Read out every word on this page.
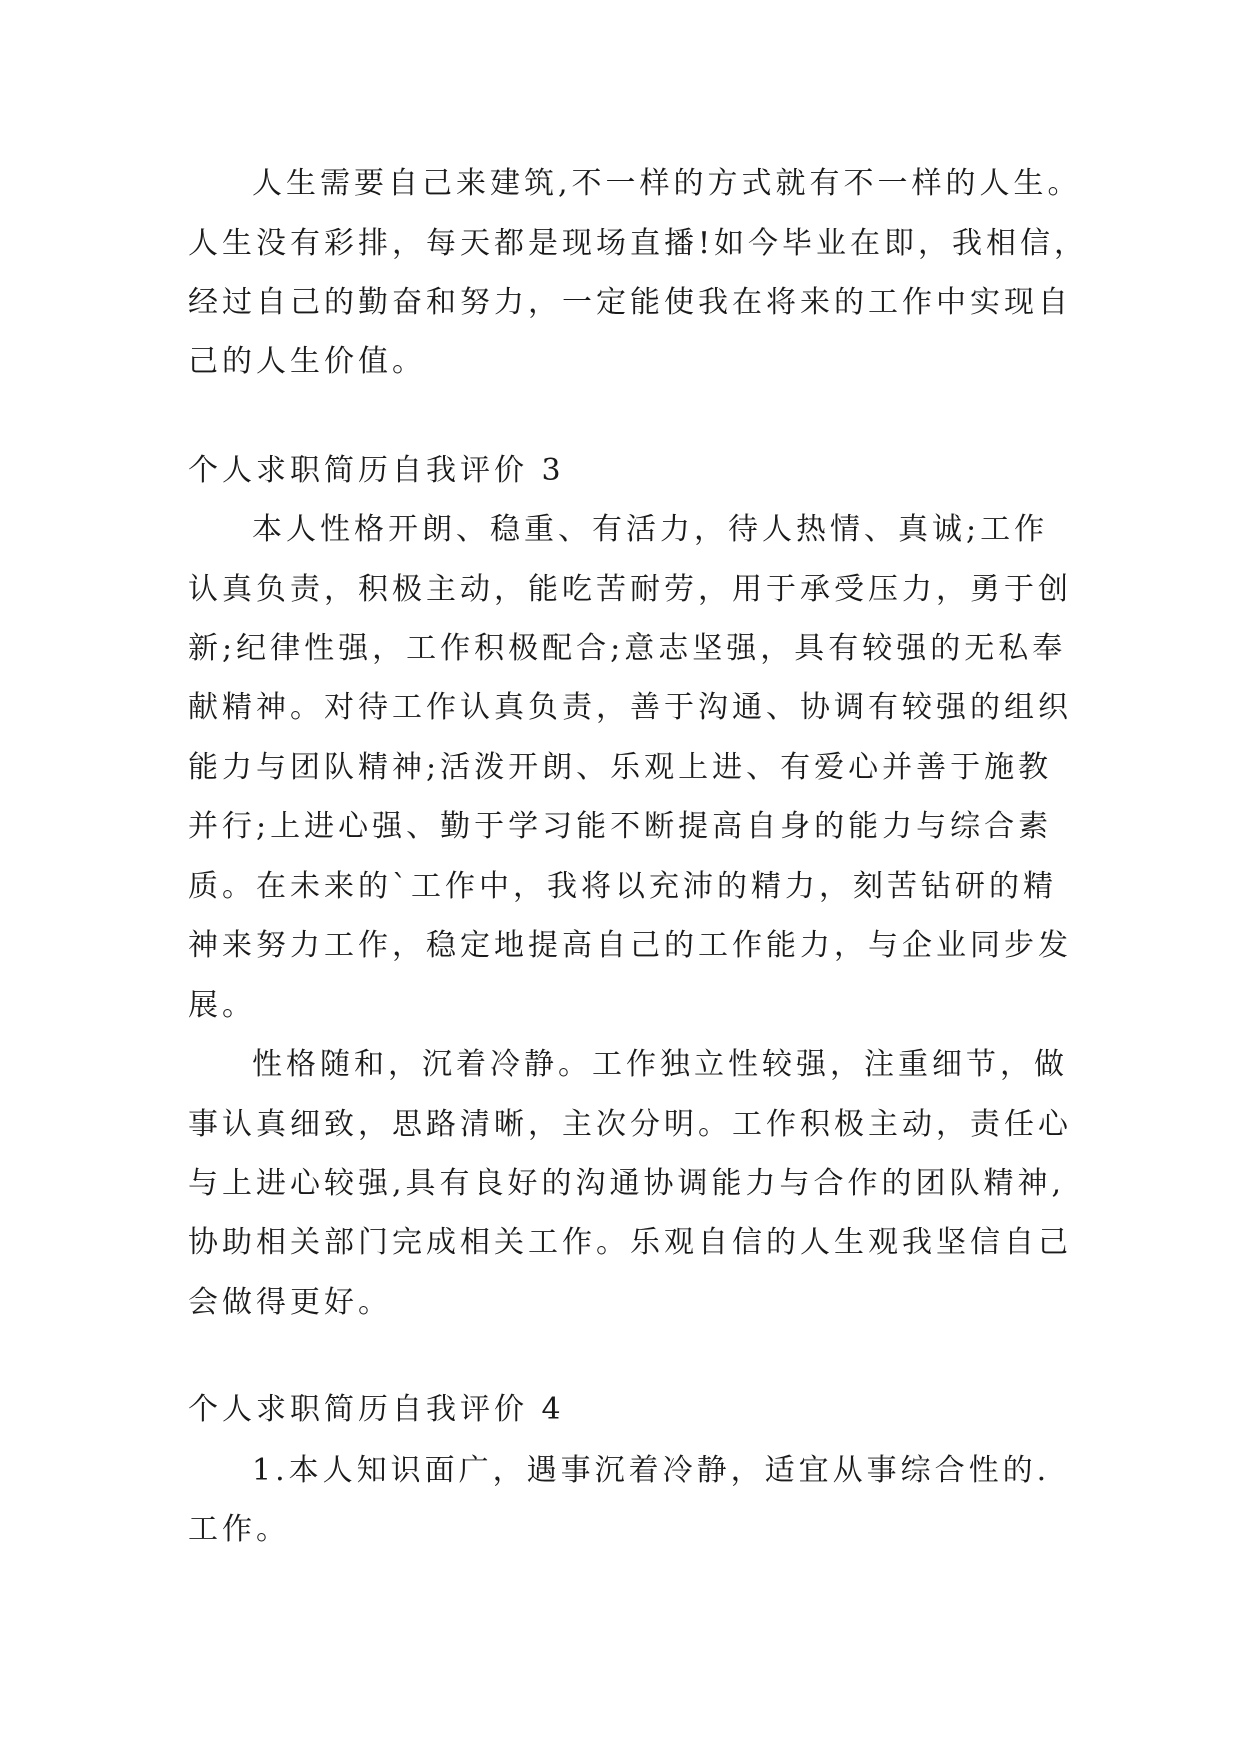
人生需要自己来建筑,不一样的方式就有不一样的人生。
人生没有彩排，每天都是现场直播!如今毕业在即，我相信，
经过自己的勤奋和努力，一定能使我在将来的工作中实现自
己的人生价值。
个人求职简历自我评价 3
本人性格开朗、稳重、有活力，待人热情、真诚;工作
认真负责，积极主动，能吃苦耐劳，用于承受压力，勇于创
新;纪律性强，工作积极配合;意志坚强，具有较强的无私奉
献精神。对待工作认真负责，善于沟通、协调有较强的组织
能力与团队精神;活泼开朗、乐观上进、有爱心并善于施教
并行;上进心强、勤于学习能不断提高自身的能力与综合素
质。在未来的`工作中，我将以充沛的精力，刻苦钻研的精
神来努力工作，稳定地提高自己的工作能力，与企业同步发
展。
性格随和，沉着冷静。工作独立性较强，注重细节，做
事认真细致，思路清晰，主次分明。工作积极主动，责任心
与上进心较强,具有良好的沟通协调能力与合作的团队精神,
协助相关部门完成相关工作。乐观自信的人生观我坚信自己
会做得更好。
个人求职简历自我评价 4
1.本人知识面广，遇事沉着冷静，适宜从事综合性的.
工作。
